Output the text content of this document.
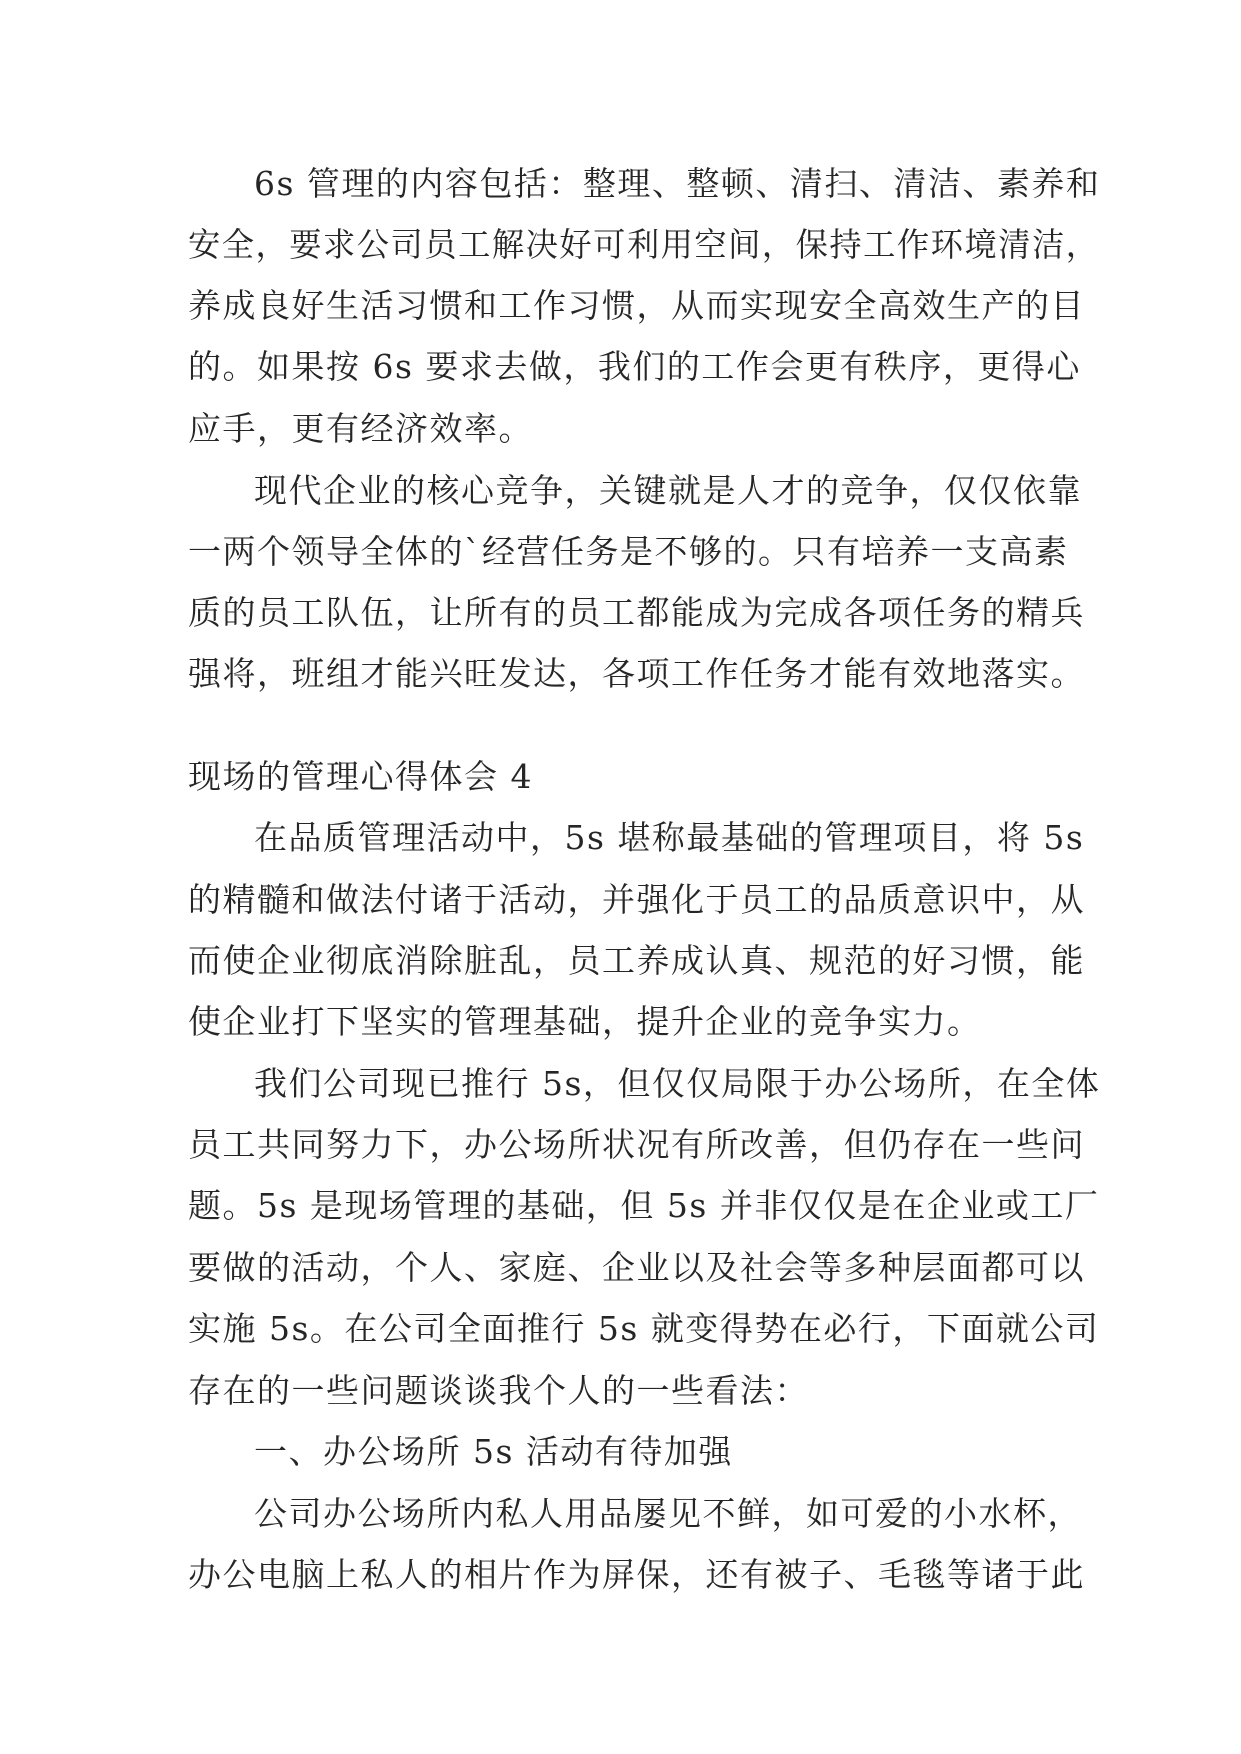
6s 管理的内容包括：整理、整顿、清扫、清洁、素养和

安全，要求公司员工解决好可利用空间，保持工作环境清洁，

养成良好生活习惯和工作习惯，从而实现安全高效生产的目

的。如果按 6s 要求去做，我们的工作会更有秩序，更得心

应手，更有经济效率。

现代企业的核心竞争，关键就是人才的竞争，仅仅依靠

一两个领导全体的`经营任务是不够的。只有培养一支高素

质的员工队伍，让所有的员工都能成为完成各项任务的精兵

强将，班组才能兴旺发达，各项工作任务才能有效地落实。

现场的管理心得体会 4

在品质管理活动中，5s 堪称最基础的管理项目，将 5s

的精髓和做法付诸于活动，并强化于员工的品质意识中，从

而使企业彻底消除脏乱，员工养成认真、规范的好习惯，能

使企业打下坚实的管理基础，提升企业的竞争实力。

我们公司现已推行 5s，但仅仅局限于办公场所，在全体

员工共同努力下，办公场所状况有所改善，但仍存在一些问

题。5s 是现场管理的基础，但 5s 并非仅仅是在企业或工厂

要做的活动，个人、家庭、企业以及社会等多种层面都可以

实施 5s。在公司全面推行 5s 就变得势在必行，下面就公司

存在的一些问题谈谈我个人的一些看法：

一、办公场所 5s 活动有待加强

公司办公场所内私人用品屡见不鲜，如可爱的小水杯，

办公电脑上私人的相片作为屏保，还有被子、毛毯等诸于此
